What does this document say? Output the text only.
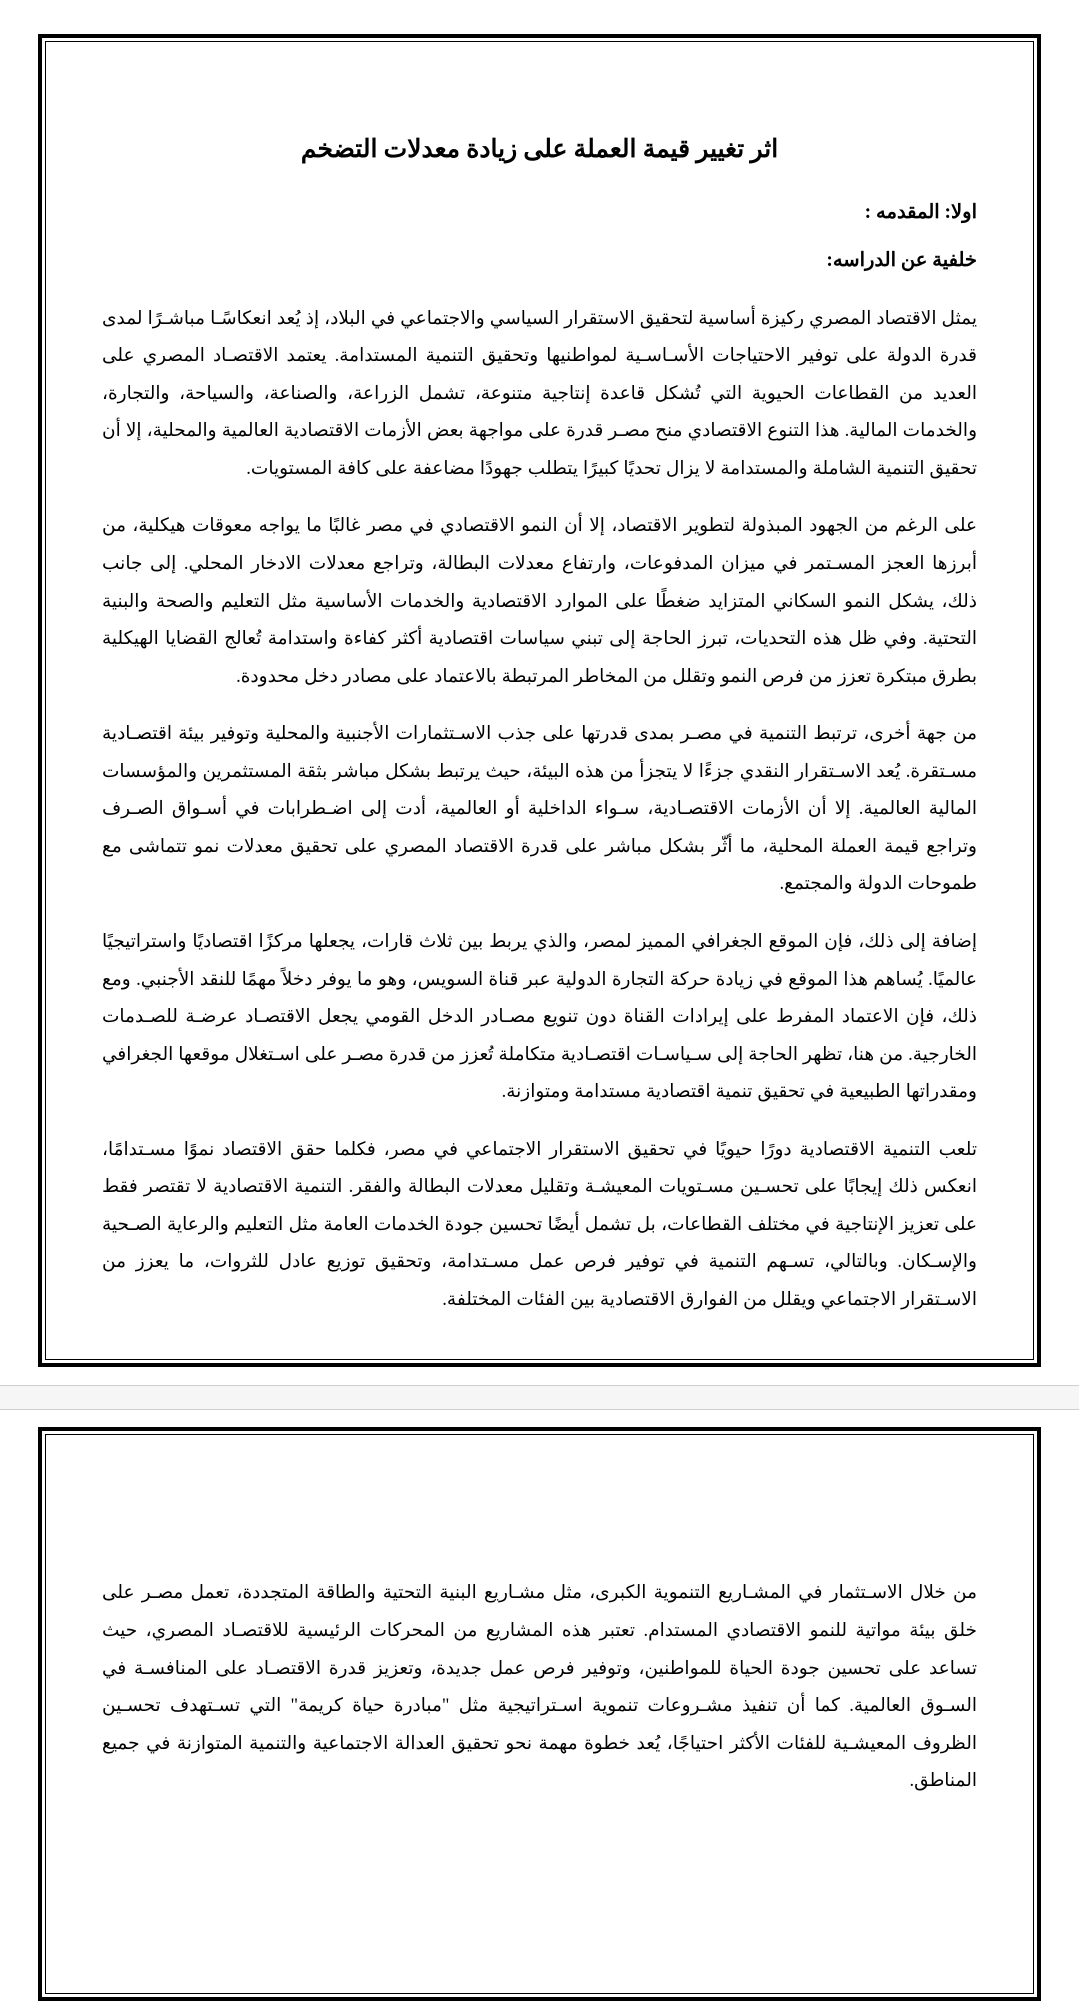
اثر تغيير قيمة العملة على زيادة معدلات التضخم
اولا: المقدمه :
خلفية عن الدراسه:

يمثل الاقتصاد المصري ركيزة أساسية لتحقيق الاستقرار السياسي والاجتماعي في البلاد، إذ يُعد انعكاسًـا مباشـرًا لمدى قدرة الدولة على توفير الاحتياجات الأسـاسـية لمواطنيها وتحقيق التنمية المستدامة. يعتمد الاقتصـاد المصري على العديد من القطاعات الحيوية التي تُشكل قاعدة إنتاجية متنوعة، تشمل الزراعة، والصناعة، والسياحة، والتجارة، والخدمات المالية. هذا التنوع الاقتصادي منح مصـر قدرة على مواجهة بعض الأزمات الاقتصادية العالمية والمحلية، إلا أن تحقيق التنمية الشاملة والمستدامة لا يزال تحديًا كبيرًا يتطلب جهودًا مضاعفة على كافة المستويات.

على الرغم من الجهود المبذولة لتطوير الاقتصاد، إلا أن النمو الاقتصادي في مصر غالبًا ما يواجه معوقات هيكلية، من أبرزها العجز المسـتمر في ميزان المدفوعات، وارتفاع معدلات البطالة، وتراجع معدلات الادخار المحلي. إلى جانب ذلك، يشكل النمو السكاني المتزايد ضغطًا على الموارد الاقتصادية والخدمات الأساسية مثل التعليم والصحة والبنية التحتية. وفي ظل هذه التحديات، تبرز الحاجة إلى تبني سياسات اقتصادية أكثر كفاءة واستدامة تُعالج القضايا الهيكلية بطرق مبتكرة تعزز من فرص النمو وتقلل من المخاطر المرتبطة بالاعتماد على مصادر دخل محدودة.

من جهة أخرى، ترتبط التنمية في مصـر بمدى قدرتها على جذب الاسـتثمارات الأجنبية والمحلية وتوفير بيئة اقتصـادية مسـتقرة. يُعد الاسـتقرار النقدي جزءًا لا يتجزأ من هذه البيئة، حيث يرتبط بشكل مباشر بثقة المستثمرين والمؤسسات المالية العالمية. إلا أن الأزمات الاقتصـادية، سـواء الداخلية أو العالمية، أدت إلى اضـطرابات في أسـواق الصـرف وتراجع قيمة العملة المحلية، ما أثّر بشكل مباشر على قدرة الاقتصاد المصري على تحقيق معدلات نمو تتماشى مع طموحات الدولة والمجتمع.

إضافة إلى ذلك، فإن الموقع الجغرافي المميز لمصر، والذي يربط بين ثلاث قارات، يجعلها مركزًا اقتصاديًا واستراتيجيًا عالميًا. يُساهم هذا الموقع في زيادة حركة التجارة الدولية عبر قناة السويس، وهو ما يوفر دخلاً مهمًا للنقد الأجنبي. ومع ذلك، فإن الاعتماد المفرط على إيرادات القناة دون تنويع مصـادر الدخل القومي يجعل الاقتصـاد عرضـة للصـدمات الخارجية. من هنا، تظهر الحاجة إلى سـياسـات اقتصـادية متكاملة تُعزز من قدرة مصـر على اسـتغلال موقعها الجغرافي ومقدراتها الطبيعية في تحقيق تنمية اقتصادية مستدامة ومتوازنة.

تلعب التنمية الاقتصادية دورًا حيويًا في تحقيق الاستقرار الاجتماعي في مصر، فكلما حقق الاقتصاد نموًا مسـتدامًا، انعكس ذلك إيجابًا على تحسـين مسـتويات المعيشـة وتقليل معدلات البطالة والفقر. التنمية الاقتصادية لا تقتصر فقط على تعزيز الإنتاجية في مختلف القطاعات، بل تشمل أيضًا تحسين جودة الخدمات العامة مثل التعليم والرعاية الصـحية والإسـكان. وبالتالي، تسـهم التنمية في توفير فرص عمل مسـتدامة، وتحقيق توزيع عادل للثروات، ما يعزز من الاسـتقرار الاجتماعي ويقلل من الفوارق الاقتصادية بين الفئات المختلفة.

من خلال الاسـتثمار في المشـاريع التنموية الكبرى، مثل مشـاريع البنية التحتية والطاقة المتجددة، تعمل مصـر على خلق بيئة مواتية للنمو الاقتصادي المستدام. تعتبر هذه المشاريع من المحركات الرئيسية للاقتصـاد المصري، حيث تساعد على تحسين جودة الحياة للمواطنين، وتوفير فرص عمل جديدة، وتعزيز قدرة الاقتصـاد على المنافسـة في السـوق العالمية. كما أن تنفيذ مشـروعات تنموية اسـتراتيجية مثل "مبادرة حياة كريمة" التي تسـتهدف تحسـين الظروف المعيشـية للفئات الأكثر احتياجًا، يُعد خطوة مهمة نحو تحقيق العدالة الاجتماعية والتنمية المتوازنة في جميع المناطق.
